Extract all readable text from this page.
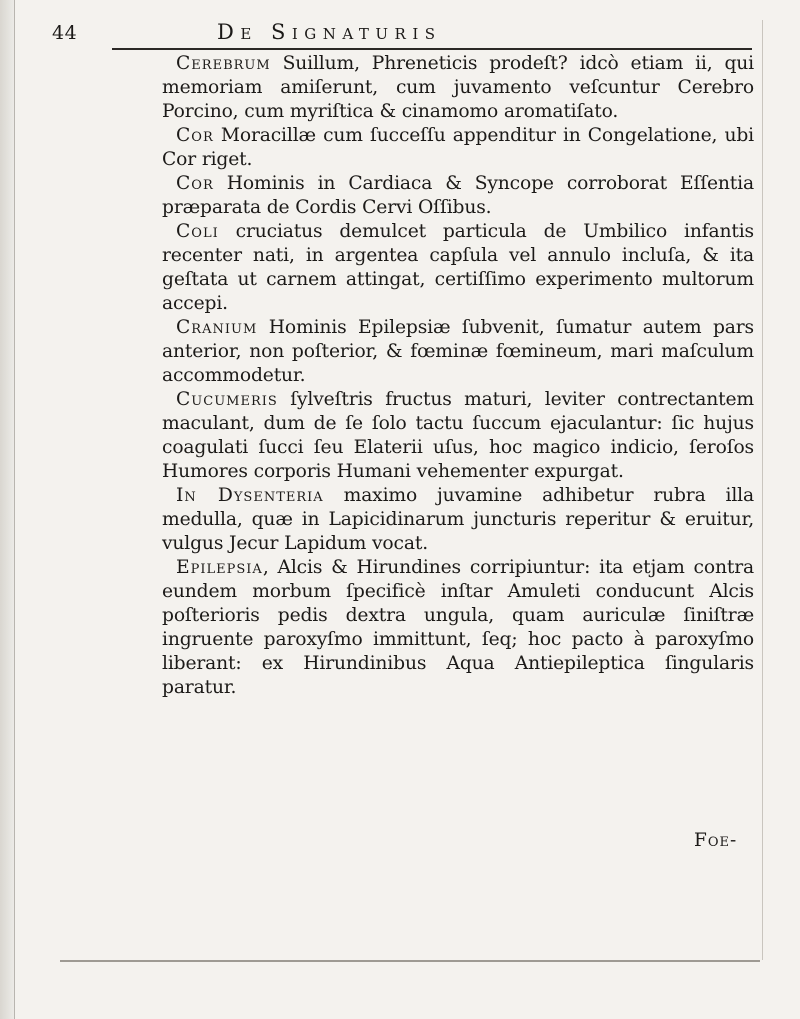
44	De Signaturis

Cerebrum Suillum, Phreneticis prodeſt? idcò etiam ii, qui memoriam amiſerunt, cum juvamento veſcuntur Cerebro Porcino, cum myriſtica & cinamomo aromatiſato.

Cor Moracillæ cum ſucceſſu appenditur in Congelatione, ubi Cor riget.

Cor Hominis in Cardiaca & Syncope corroborat Eſſentia præparata de Cordis Cervi Oſſibus.

Coli cruciatus demulcet particula de Umbilico infantis recenter nati, in argentea capſula vel annulo incluſa, & ita geſtata ut carnem attingat, certiſſimo experimento multorum accepi.

Cranium Hominis Epilepsiæ ſubvenit, ſumatur autem pars anterior, non poſterior, & fœminæ fœmineum, mari maſculum accommodetur.

Cucumeris ſylveſtris fructus maturi, leviter contrectantem maculant, dum de ſe ſolo tactu ſuccum ejaculantur: ſic hujus coagulati ſucci ſeu Elaterii uſus, hoc magico indicio, ſeroſos Humores corporis Humani vehementer expurgat.

In Dysenteria maximo juvamine adhibetur rubra illa medulla, quæ in Lapicidinarum juncturis reperitur & eruitur, vulgus Jecur Lapidum vocat.

Epilepsia, Alcis & Hirundines corripiuntur: ita etjam contra eundem morbum ſpecificè inſtar Amuleti conducunt Alcis poſterioris pedis dextra ungula, quam auriculæ ſiniſtræ ingruente paroxyſmo immittunt, ſeq; hoc pacto à paroxyſmo liberant: ex Hirundinibus Aqua Antiepileptica ſingularis paratur.

Foe-
